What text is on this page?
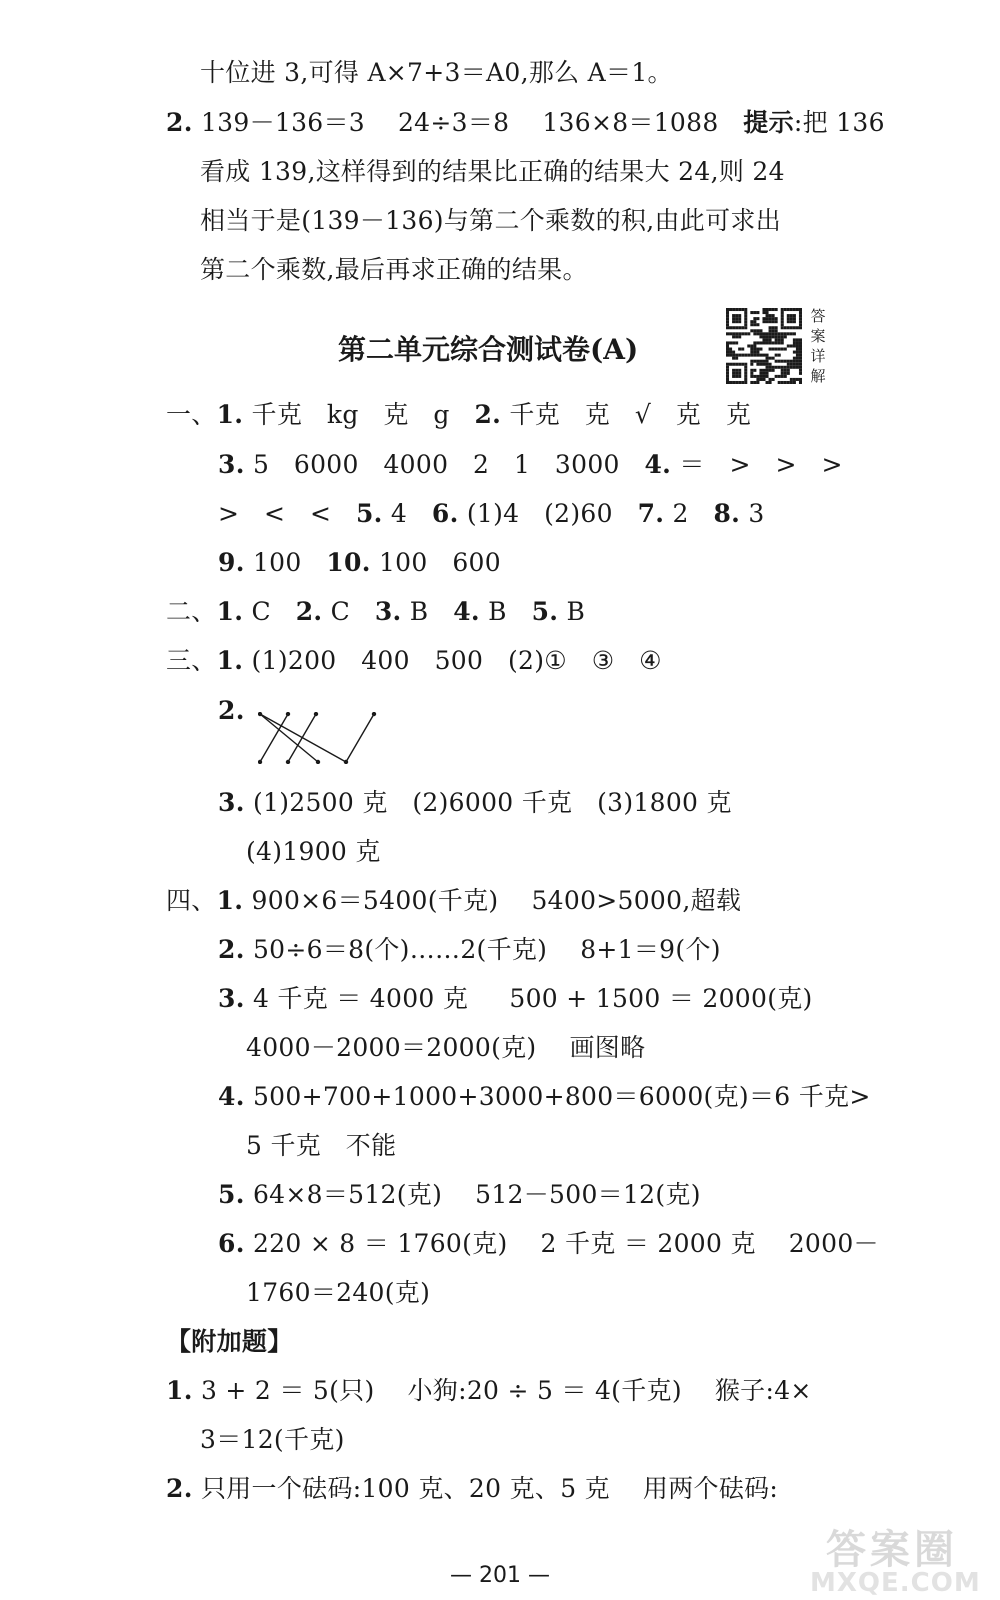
十位进 3,可得 A×7+3＝A0,那么 A＝1。
2. 139－136＝3    24÷3＝8    136×8＝1088   提示:把 136
看成 139,这样得到的结果比正确的结果大 24,则 24
相当于是(139－136)与第二个乘数的积,由此可求出
第二个乘数,最后再求正确的结果。
一、1. 千克   kg   克   g   2. 千克   克   √   克   克
3. 5   6000   4000   2   1   3000   4. ＝   >   >   >
>   <   <   5. 4   6. (1)4   (2)60   7. 2   8. 3
9. 100   10. 100   600
二、1. C   2. C   3. B   4. B   5. B
三、1. (1)200   400   500   (2)①   ③   ④
2.
3. (1)2500 克   (2)6000 千克   (3)1800 克
(4)1900 克
四、1. 900×6＝5400(千克)    5400>5000,超载
2. 50÷6＝8(个)……2(千克)    8+1＝9(个)
3. 4 千克 ＝ 4000 克     500 + 1500 ＝ 2000(克)
4000－2000＝2000(克)    画图略
4. 500+700+1000+3000+800＝6000(克)＝6 千克>
5 千克   不能
5. 64×8＝512(克)    512－500＝12(克)
6. 220 × 8 ＝ 1760(克)    2 千克 ＝ 2000 克    2000－
1760＝240(克)
【附加题】
1. 3 + 2 ＝ 5(只)    小狗:20 ÷ 5 ＝ 4(千克)    猴子:4×
3＝12(千克)
2. 只用一个砝码:100 克、20 克、5 克    用两个砝码:
第二单元综合测试卷(A)
答
案
详
解
— 201 —
答案圈
MXQE.COM
